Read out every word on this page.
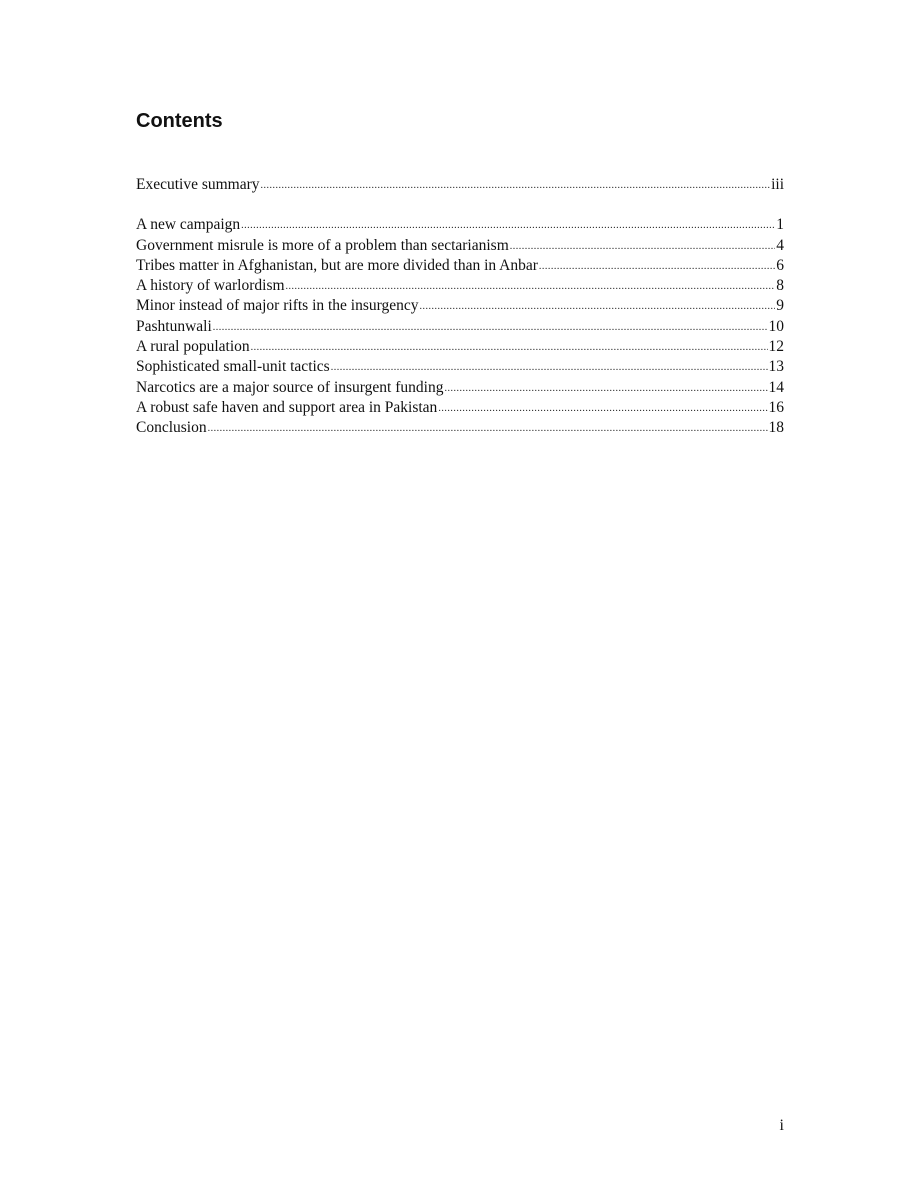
Contents
Executive summary .....	iii
A new campaign .....	1
Government misrule is more of a problem than sectarianism .....	4
Tribes matter in Afghanistan, but are more divided than in Anbar .....	6
A history of warlordism .....	8
Minor instead of major rifts in the insurgency .....	9
Pashtunwali .....	10
A rural population .....	12
Sophisticated small-unit tactics .....	13
Narcotics are a major source of insurgent funding .....	14
A robust safe haven and support area in Pakistan .....	16
Conclusion .....	18
i
